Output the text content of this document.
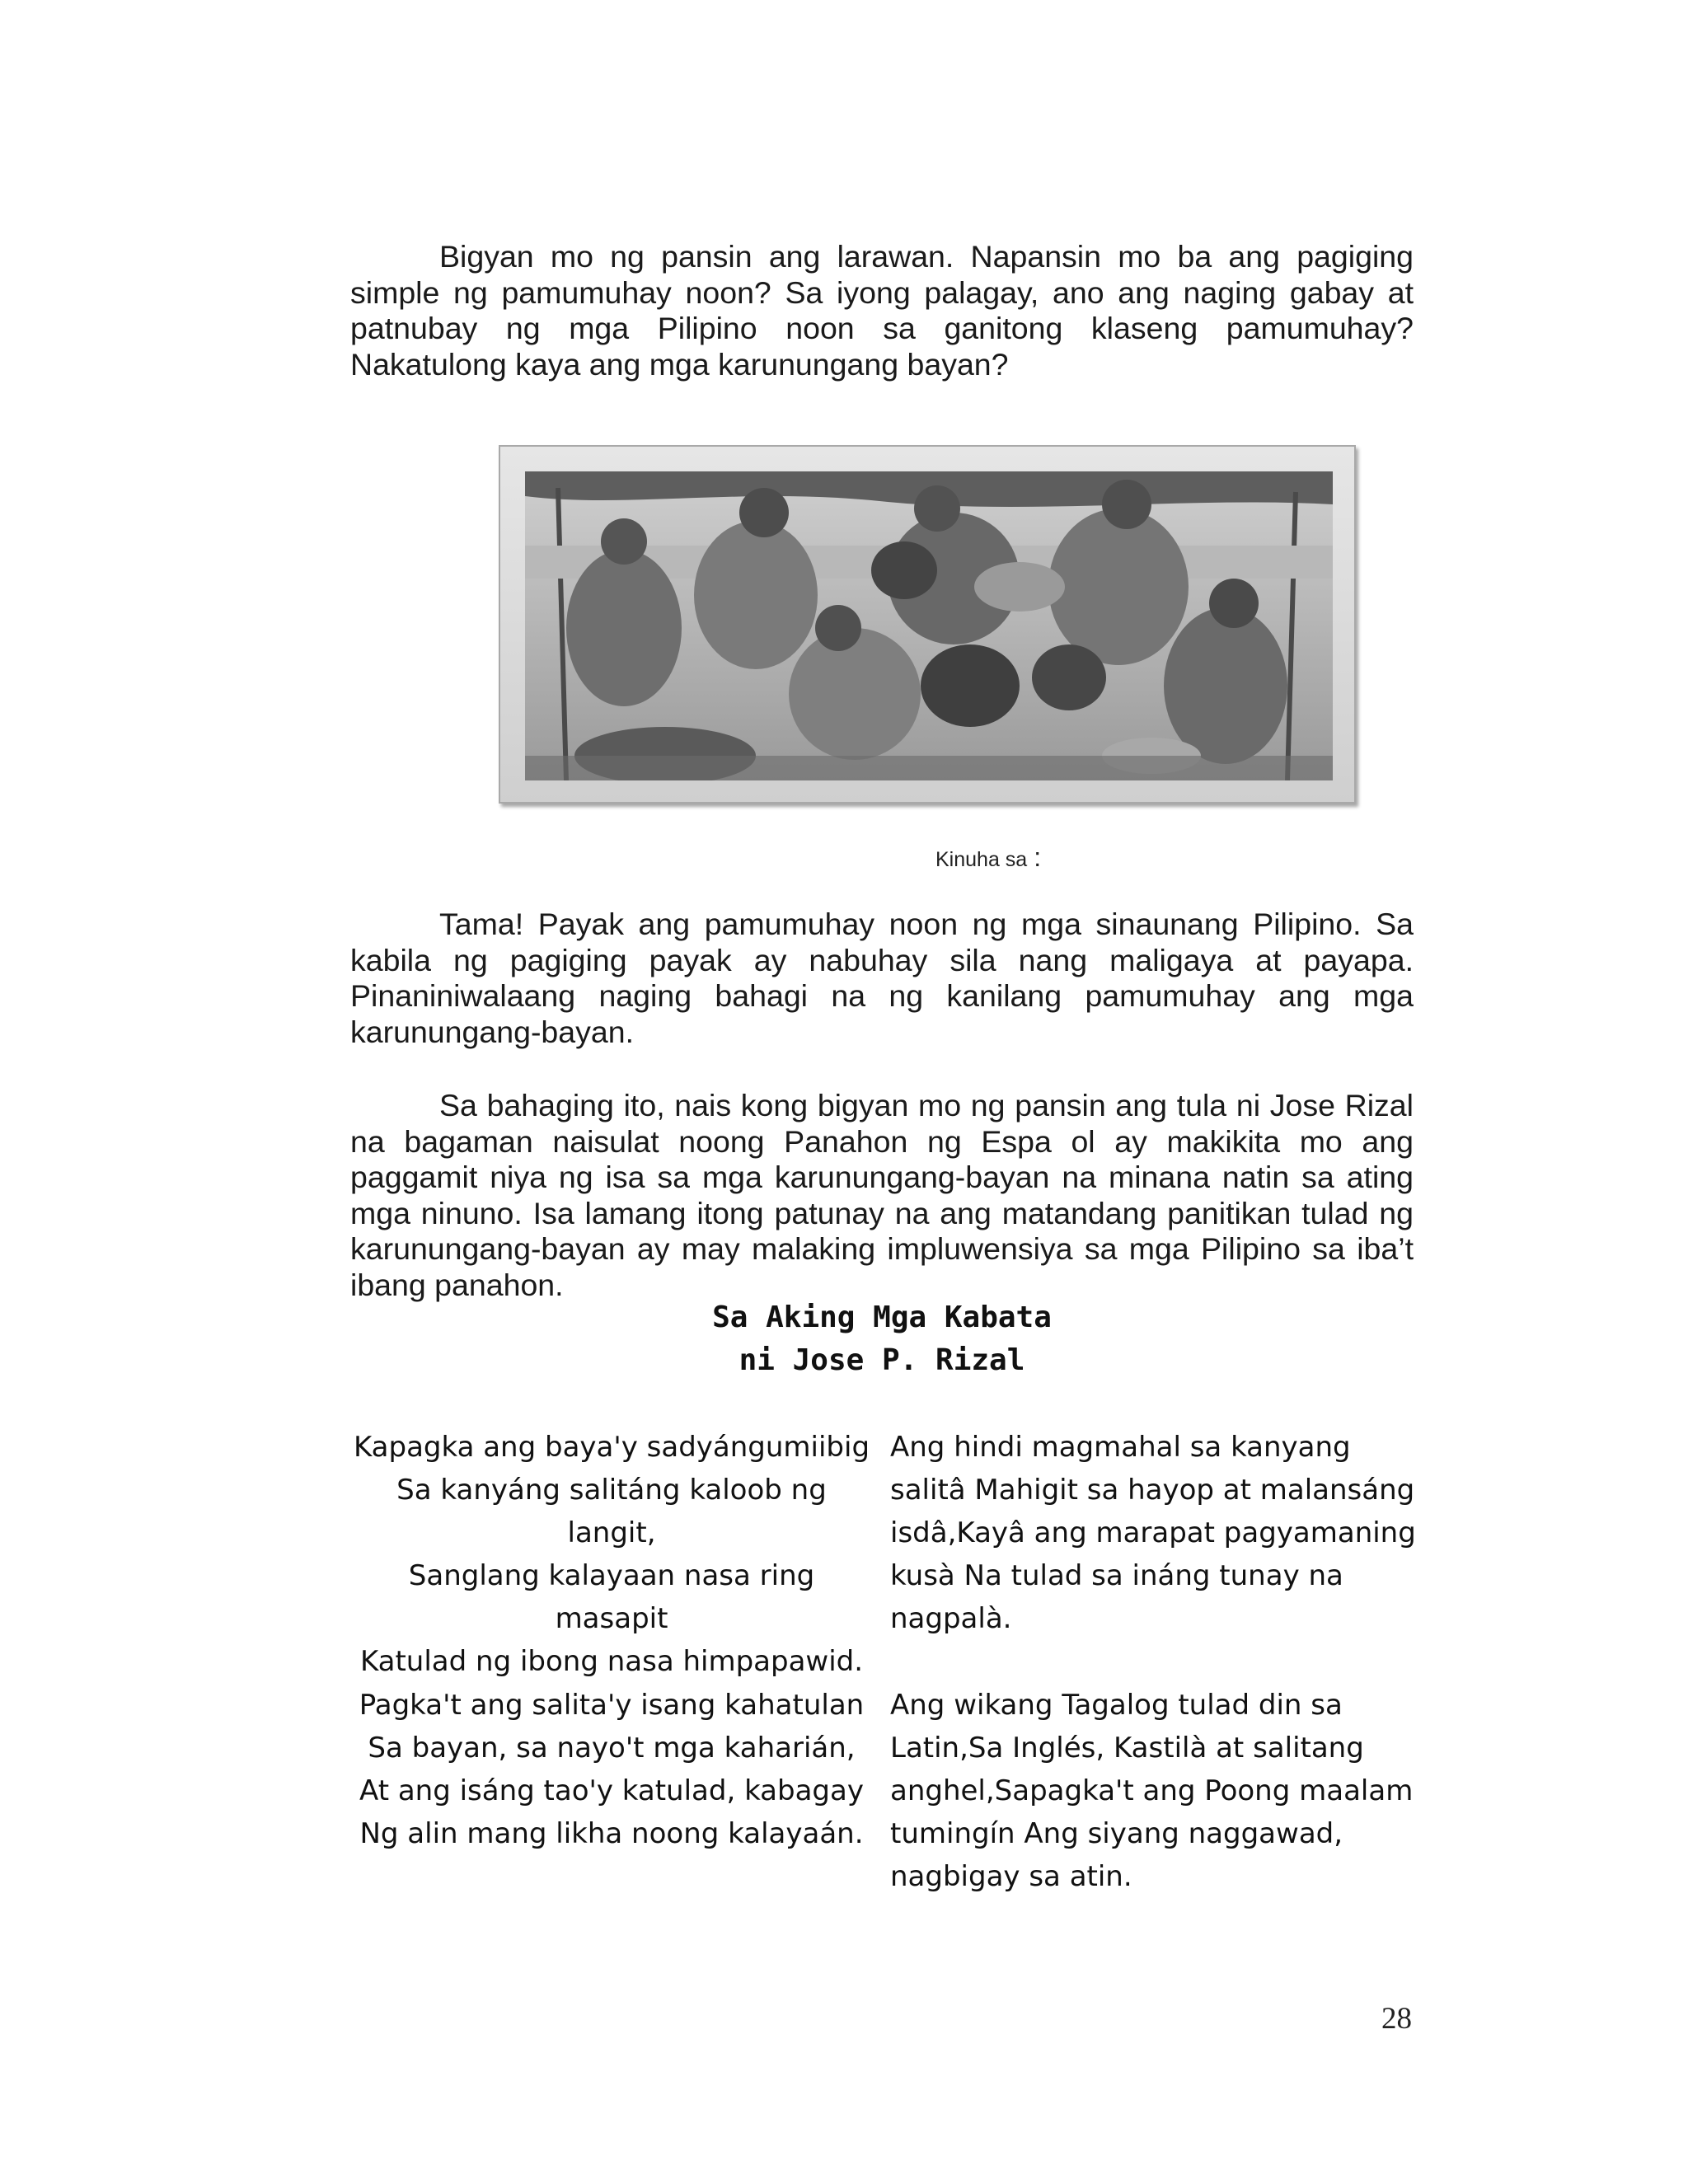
Bigyan mo ng pansin ang larawan. Napansin mo ba ang pagiging simple ng pamumuhay noon? Sa iyong palagay, ano ang naging gabay at patnubay ng mga Pilipino noon sa ganitong klaseng pamumuhay? Nakatulong kaya ang mga karunungang bayan?

Kinuha sa :

Tama! Payak ang pamumuhay noon ng mga sinaunang Pilipino. Sa kabila ng pagiging payak ay nabuhay sila nang maligaya at payapa. Pinaniniwalaang naging bahagi na ng kanilang pamumuhay ang mga karunungang-bayan.

Sa bahaging ito, nais kong bigyan mo ng pansin ang tula ni Jose Rizal na bagaman naisulat noong Panahon ng Espa ol ay makikita mo ang paggamit niya ng isa sa mga karunungang-bayan na minana natin sa ating mga ninuno. Isa lamang itong patunay na ang matandang panitikan tulad ng karunungang-bayan ay may malaking impluwensiya sa mga Pilipino sa iba’t ibang panahon.

Sa Aking Mga Kabata
ni Jose P. Rizal
Kapagka ang baya'y sadyángumiibig
Sa kanyáng salitáng kaloob ng
langit,
Sanglang kalayaan nasa ring masapit
Katulad ng ibong nasa himpapawid.
Pagka't ang salita'y isang kahatulan
Sa bayan, sa nayo't mga kaharián,
At ang isáng tao'y katulad, kabagay
Ng alin mang likha noong kalayaán.
Ang hindi magmahal sa kanyang
salitâ Mahigit sa hayop at malansáng
isdâ,Kayâ ang marapat pagyamaning
kusà Na tulad sa ináng tunay na
nagpalà.
Ang wikang Tagalog tulad din sa
Latin,Sa Inglés, Kastilà at salitang
anghel,Sapagka't ang Poong maalam
tumingín Ang siyang naggawad,
nagbigay sa atin.
28
